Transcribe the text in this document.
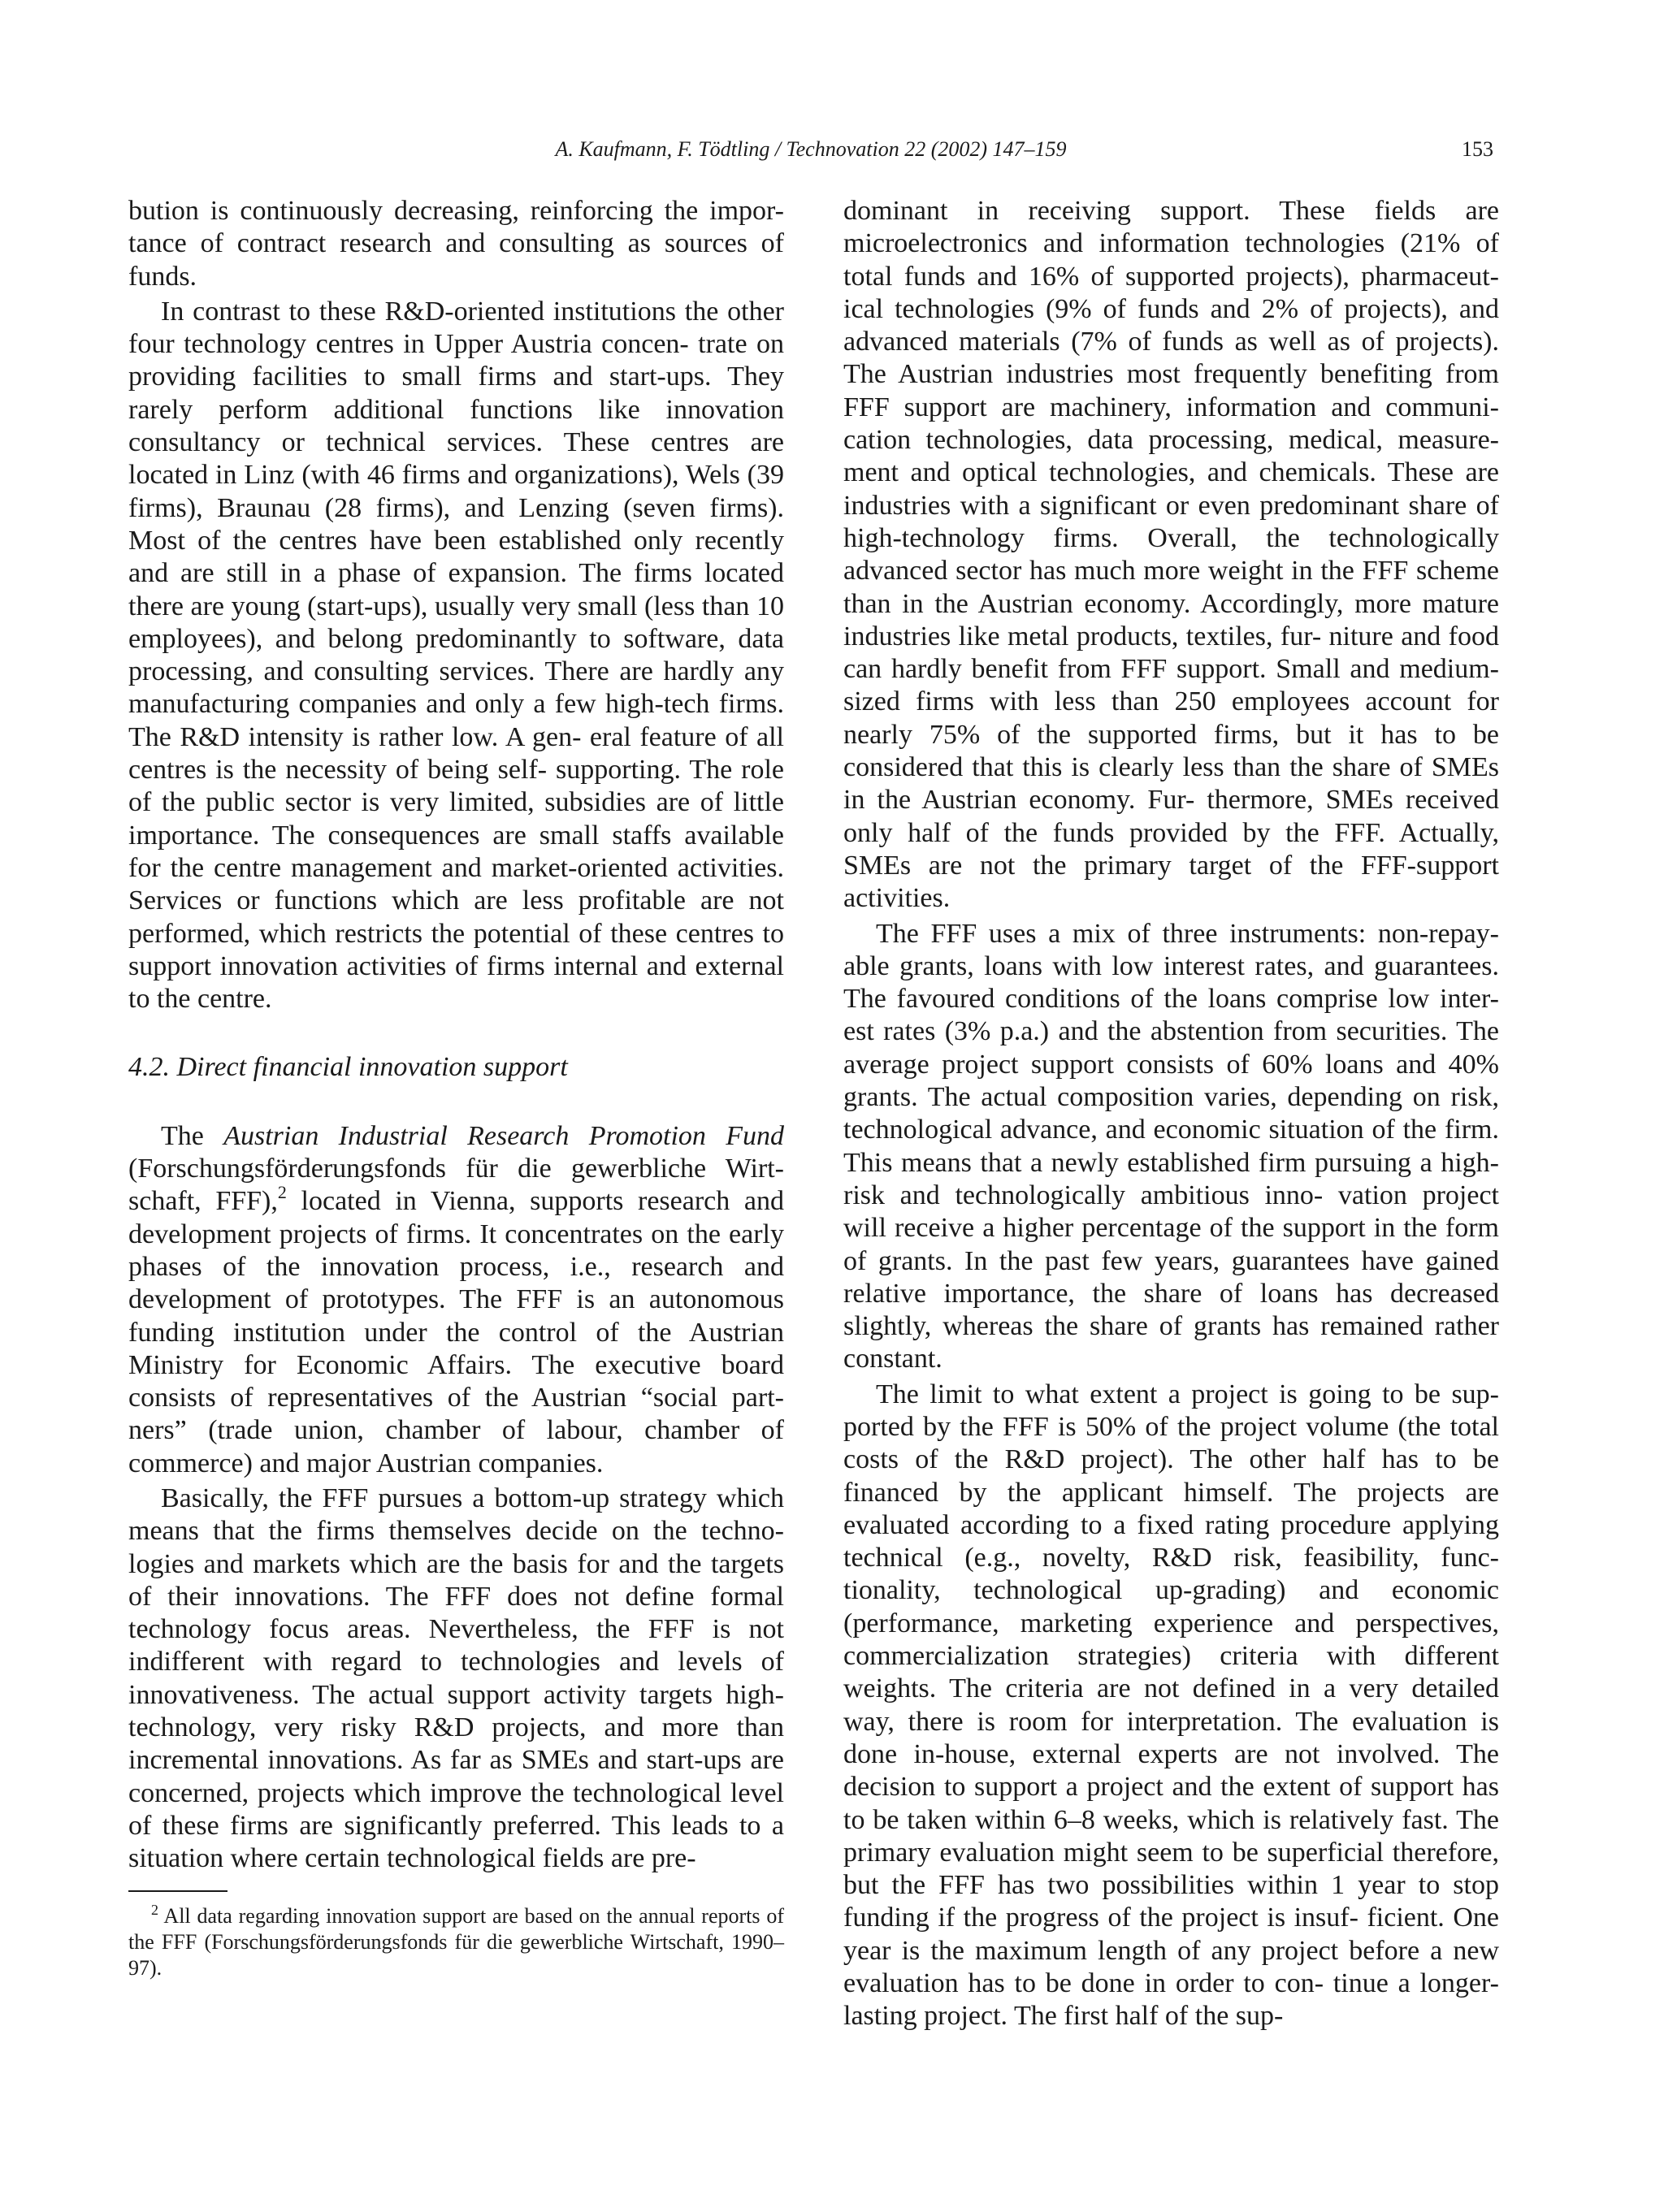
A. Kaufmann, F. Tödtling / Technovation 22 (2002) 147–159	153

bution is continuously decreasing, reinforcing the impor- tance of contract research and consulting as sources of funds.

In contrast to these R&D-oriented institutions the other four technology centres in Upper Austria concen- trate on providing facilities to small firms and start-ups. They rarely perform additional functions like innovation consultancy or technical services. These centres are located in Linz (with 46 firms and organizations), Wels (39 firms), Braunau (28 firms), and Lenzing (seven firms). Most of the centres have been established only recently and are still in a phase of expansion. The firms located there are young (start-ups), usually very small (less than 10 employees), and belong predominantly to software, data processing, and consulting services. There are hardly any manufacturing companies and only a few high-tech firms. The R&D intensity is rather low. A gen- eral feature of all centres is the necessity of being self- supporting. The role of the public sector is very limited, subsidies are of little importance. The consequences are small staffs available for the centre management and market-oriented activities. Services or functions which are less profitable are not performed, which restricts the potential of these centres to support innovation activities of firms internal and external to the centre.

4.2. Direct financial innovation support

The Austrian Industrial Research Promotion Fund (Forschungsförderungsfonds für die gewerbliche Wirt- schaft, FFF),$^2$ located in Vienna, supports research and development projects of firms. It concentrates on the early phases of the innovation process, i.e., research and development of prototypes. The FFF is an autonomous funding institution under the control of the Austrian Ministry for Economic Affairs. The executive board consists of representatives of the Austrian “social part- ners” (trade union, chamber of labour, chamber of commerce) and major Austrian companies.

Basically, the FFF pursues a bottom-up strategy which means that the firms themselves decide on the techno- logies and markets which are the basis for and the targets of their innovations. The FFF does not define formal technology focus areas. Nevertheless, the FFF is not indifferent with regard to technologies and levels of innovativeness. The actual support activity targets high- technology, very risky R&D projects, and more than incremental innovations. As far as SMEs and start-ups are concerned, projects which improve the technological level of these firms are significantly preferred. This leads to a situation where certain technological fields are pre-

dominant in receiving support. These fields are microelectronics and information technologies (21% of total funds and 16% of supported projects), pharmaceut- ical technologies (9% of funds and 2% of projects), and advanced materials (7% of funds as well as of projects). The Austrian industries most frequently benefiting from FFF support are machinery, information and communi- cation technologies, data processing, medical, measure- ment and optical technologies, and chemicals. These are industries with a significant or even predominant share of high-technology firms. Overall, the technologically advanced sector has much more weight in the FFF scheme than in the Austrian economy. Accordingly, more mature industries like metal products, textiles, fur- niture and food can hardly benefit from FFF support. Small and medium-sized firms with less than 250 employees account for nearly 75% of the supported firms, but it has to be considered that this is clearly less than the share of SMEs in the Austrian economy. Fur- thermore, SMEs received only half of the funds provided by the FFF. Actually, SMEs are not the primary target of the FFF-support activities.

The FFF uses a mix of three instruments: non-repay- able grants, loans with low interest rates, and guarantees. The favoured conditions of the loans comprise low inter- est rates (3% p.a.) and the abstention from securities. The average project support consists of 60% loans and 40% grants. The actual composition varies, depending on risk, technological advance, and economic situation of the firm. This means that a newly established firm pursuing a high-risk and technologically ambitious inno- vation project will receive a higher percentage of the support in the form of grants. In the past few years, guarantees have gained relative importance, the share of loans has decreased slightly, whereas the share of grants has remained rather constant.

The limit to what extent a project is going to be sup- ported by the FFF is 50% of the project volume (the total costs of the R&D project). The other half has to be financed by the applicant himself. The projects are evaluated according to a fixed rating procedure applying technical (e.g., novelty, R&D risk, feasibility, func- tionality, technological up-grading) and economic (performance, marketing experience and perspectives, commercialization strategies) criteria with different weights. The criteria are not defined in a very detailed way, there is room for interpretation. The evaluation is done in-house, external experts are not involved. The decision to support a project and the extent of support has to be taken within 6–8 weeks, which is relatively fast. The primary evaluation might seem to be superficial therefore, but the FFF has two possibilities within 1 year to stop funding if the progress of the project is insuf- ficient. One year is the maximum length of any project before a new evaluation has to be done in order to con- tinue a longer-lasting project. The first half of the sup-

$^2$ All data regarding innovation support are based on the annual reports of the FFF (Forschungsförderungsfonds für die gewerbliche Wirtschaft, 1990–97).
